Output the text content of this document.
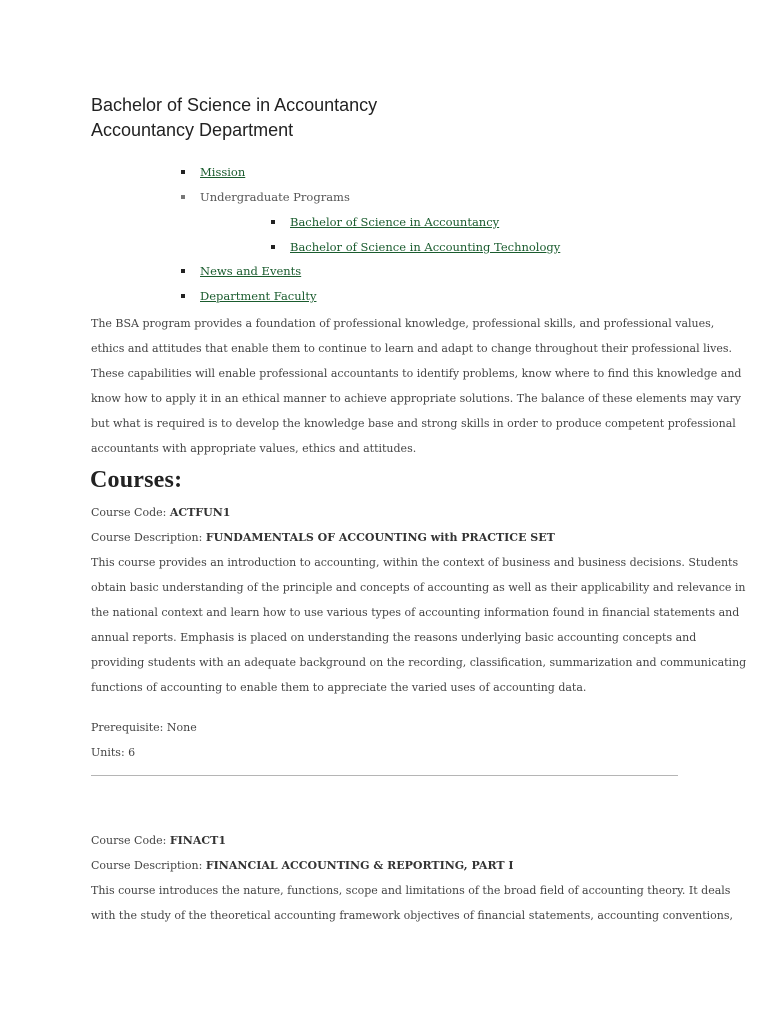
Bachelor of Science in Accountancy
Accountancy Department
Mission
Undergraduate Programs
Bachelor of Science in Accountancy
Bachelor of Science in Accounting Technology
News and Events
Department Faculty
The BSA program provides a foundation of professional knowledge, professional skills, and professional values,
ethics and attitudes that enable them to continue to learn and adapt to change throughout their professional lives.
These capabilities will enable professional accountants to identify problems, know where to find this knowledge and
know how to apply it in an ethical manner to achieve appropriate solutions. The balance of these elements may vary
but what is required is to develop the knowledge base and strong skills in order to produce competent professional
accountants with appropriate values, ethics and attitudes.
Courses:
Course Code: ACTFUN1
Course Description: FUNDAMENTALS OF ACCOUNTING with PRACTICE SET
This course provides an introduction to accounting, within the context of business and business decisions. Students
obtain basic understanding of the principle and concepts of accounting as well as their applicability and relevance in
the national context and learn how to use various types of accounting information found in financial statements and
annual reports. Emphasis is placed on understanding the reasons underlying basic accounting concepts and
providing students with an adequate background on the recording, classification, summarization and communicating
functions of accounting to enable them to appreciate the varied uses of accounting data.
Prerequisite: None
Units: 6
Course Code: FINACT1
Course Description: FINANCIAL ACCOUNTING & REPORTING, PART I
This course introduces the nature, functions, scope and limitations of the broad field of accounting theory. It deals
with the study of the theoretical accounting framework objectives of financial statements, accounting conventions,
